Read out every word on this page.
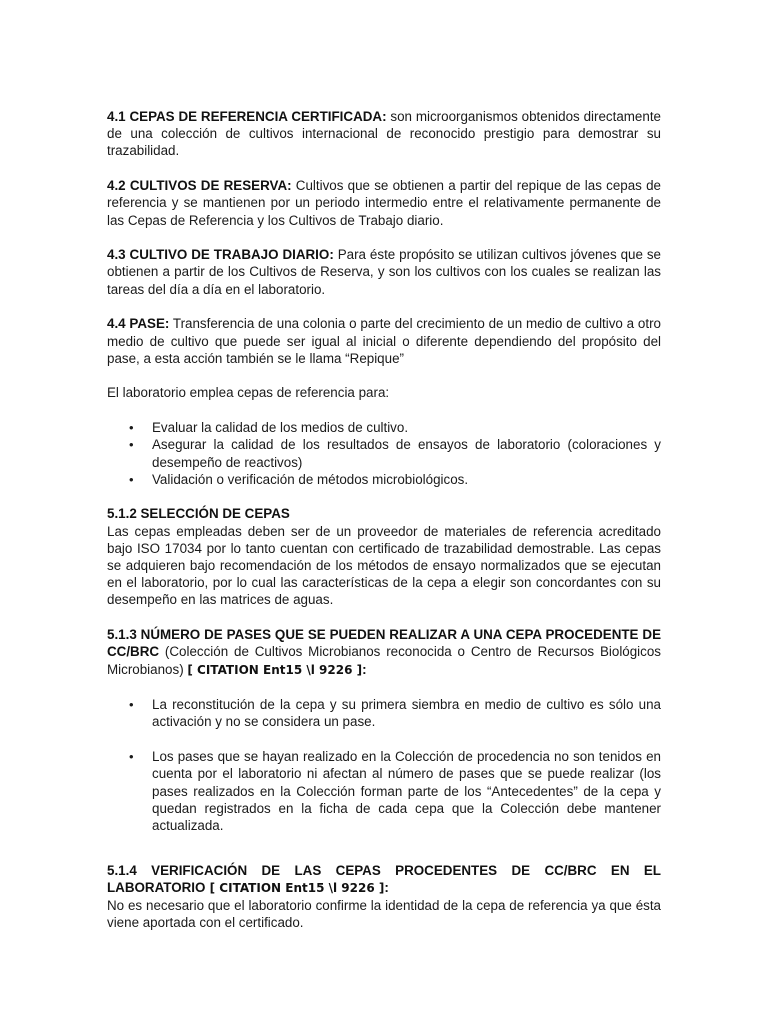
4.1 CEPAS DE REFERENCIA CERTIFICADA: son microorganismos obtenidos directamente de una colección de cultivos internacional de reconocido prestigio para demostrar su trazabilidad.

4.2 CULTIVOS DE RESERVA: Cultivos que se obtienen a partir del repique de las cepas de referencia y se mantienen por un periodo intermedio entre el relativamente permanente de las Cepas de Referencia y los Cultivos de Trabajo diario.

4.3 CULTIVO DE TRABAJO DIARIO: Para éste propósito se utilizan cultivos jóvenes que se obtienen a partir de los Cultivos de Reserva, y son los cultivos con los cuales se realizan las tareas del día a día en el laboratorio.

4.4 PASE: Transferencia de una colonia o parte del crecimiento de un medio de cultivo a otro medio de cultivo que puede ser igual al inicial o diferente dependiendo del propósito del pase, a esta acción también se le llama “Repique”

El laboratorio emplea cepas de referencia para:

• Evaluar la calidad de los medios de cultivo.
• Asegurar la calidad de los resultados de ensayos de laboratorio (coloraciones y desempeño de reactivos)
• Validación o verificación de métodos microbiológicos.

5.1.2 SELECCIÓN DE CEPAS

Las cepas empleadas deben ser de un proveedor de materiales de referencia acreditado bajo ISO 17034 por lo tanto cuentan con certificado de trazabilidad demostrable. Las cepas se adquieren bajo recomendación de los métodos de ensayo normalizados que se ejecutan en el laboratorio, por lo cual las características de la cepa a elegir son concordantes con su desempeño en las matrices de aguas.

5.1.3 NÚMERO DE PASES QUE SE PUEDEN REALIZAR A UNA CEPA PROCEDENTE DE CC/BRC (Colección de Cultivos Microbianos reconocida o Centro de Recursos Biológicos Microbianos) [ CITATION Ent15 \l 9226 ]:

• La reconstitución de la cepa y su primera siembra en medio de cultivo es sólo una activación y no se considera un pase.
• Los pases que se hayan realizado en la Colección de procedencia no son tenidos en cuenta por el laboratorio ni afectan al número de pases que se puede realizar (los pases realizados en la Colección forman parte de los “Antecedentes” de la cepa y quedan registrados en la ficha de cada cepa que la Colección debe mantener actualizada.

5.1.4 VERIFICACIÓN DE LAS CEPAS PROCEDENTES DE CC/BRC EN EL LABORATORIO [ CITATION Ent15 \l 9226 ]:

No es necesario que el laboratorio confirme la identidad de la cepa de referencia ya que ésta viene aportada con el certificado.
